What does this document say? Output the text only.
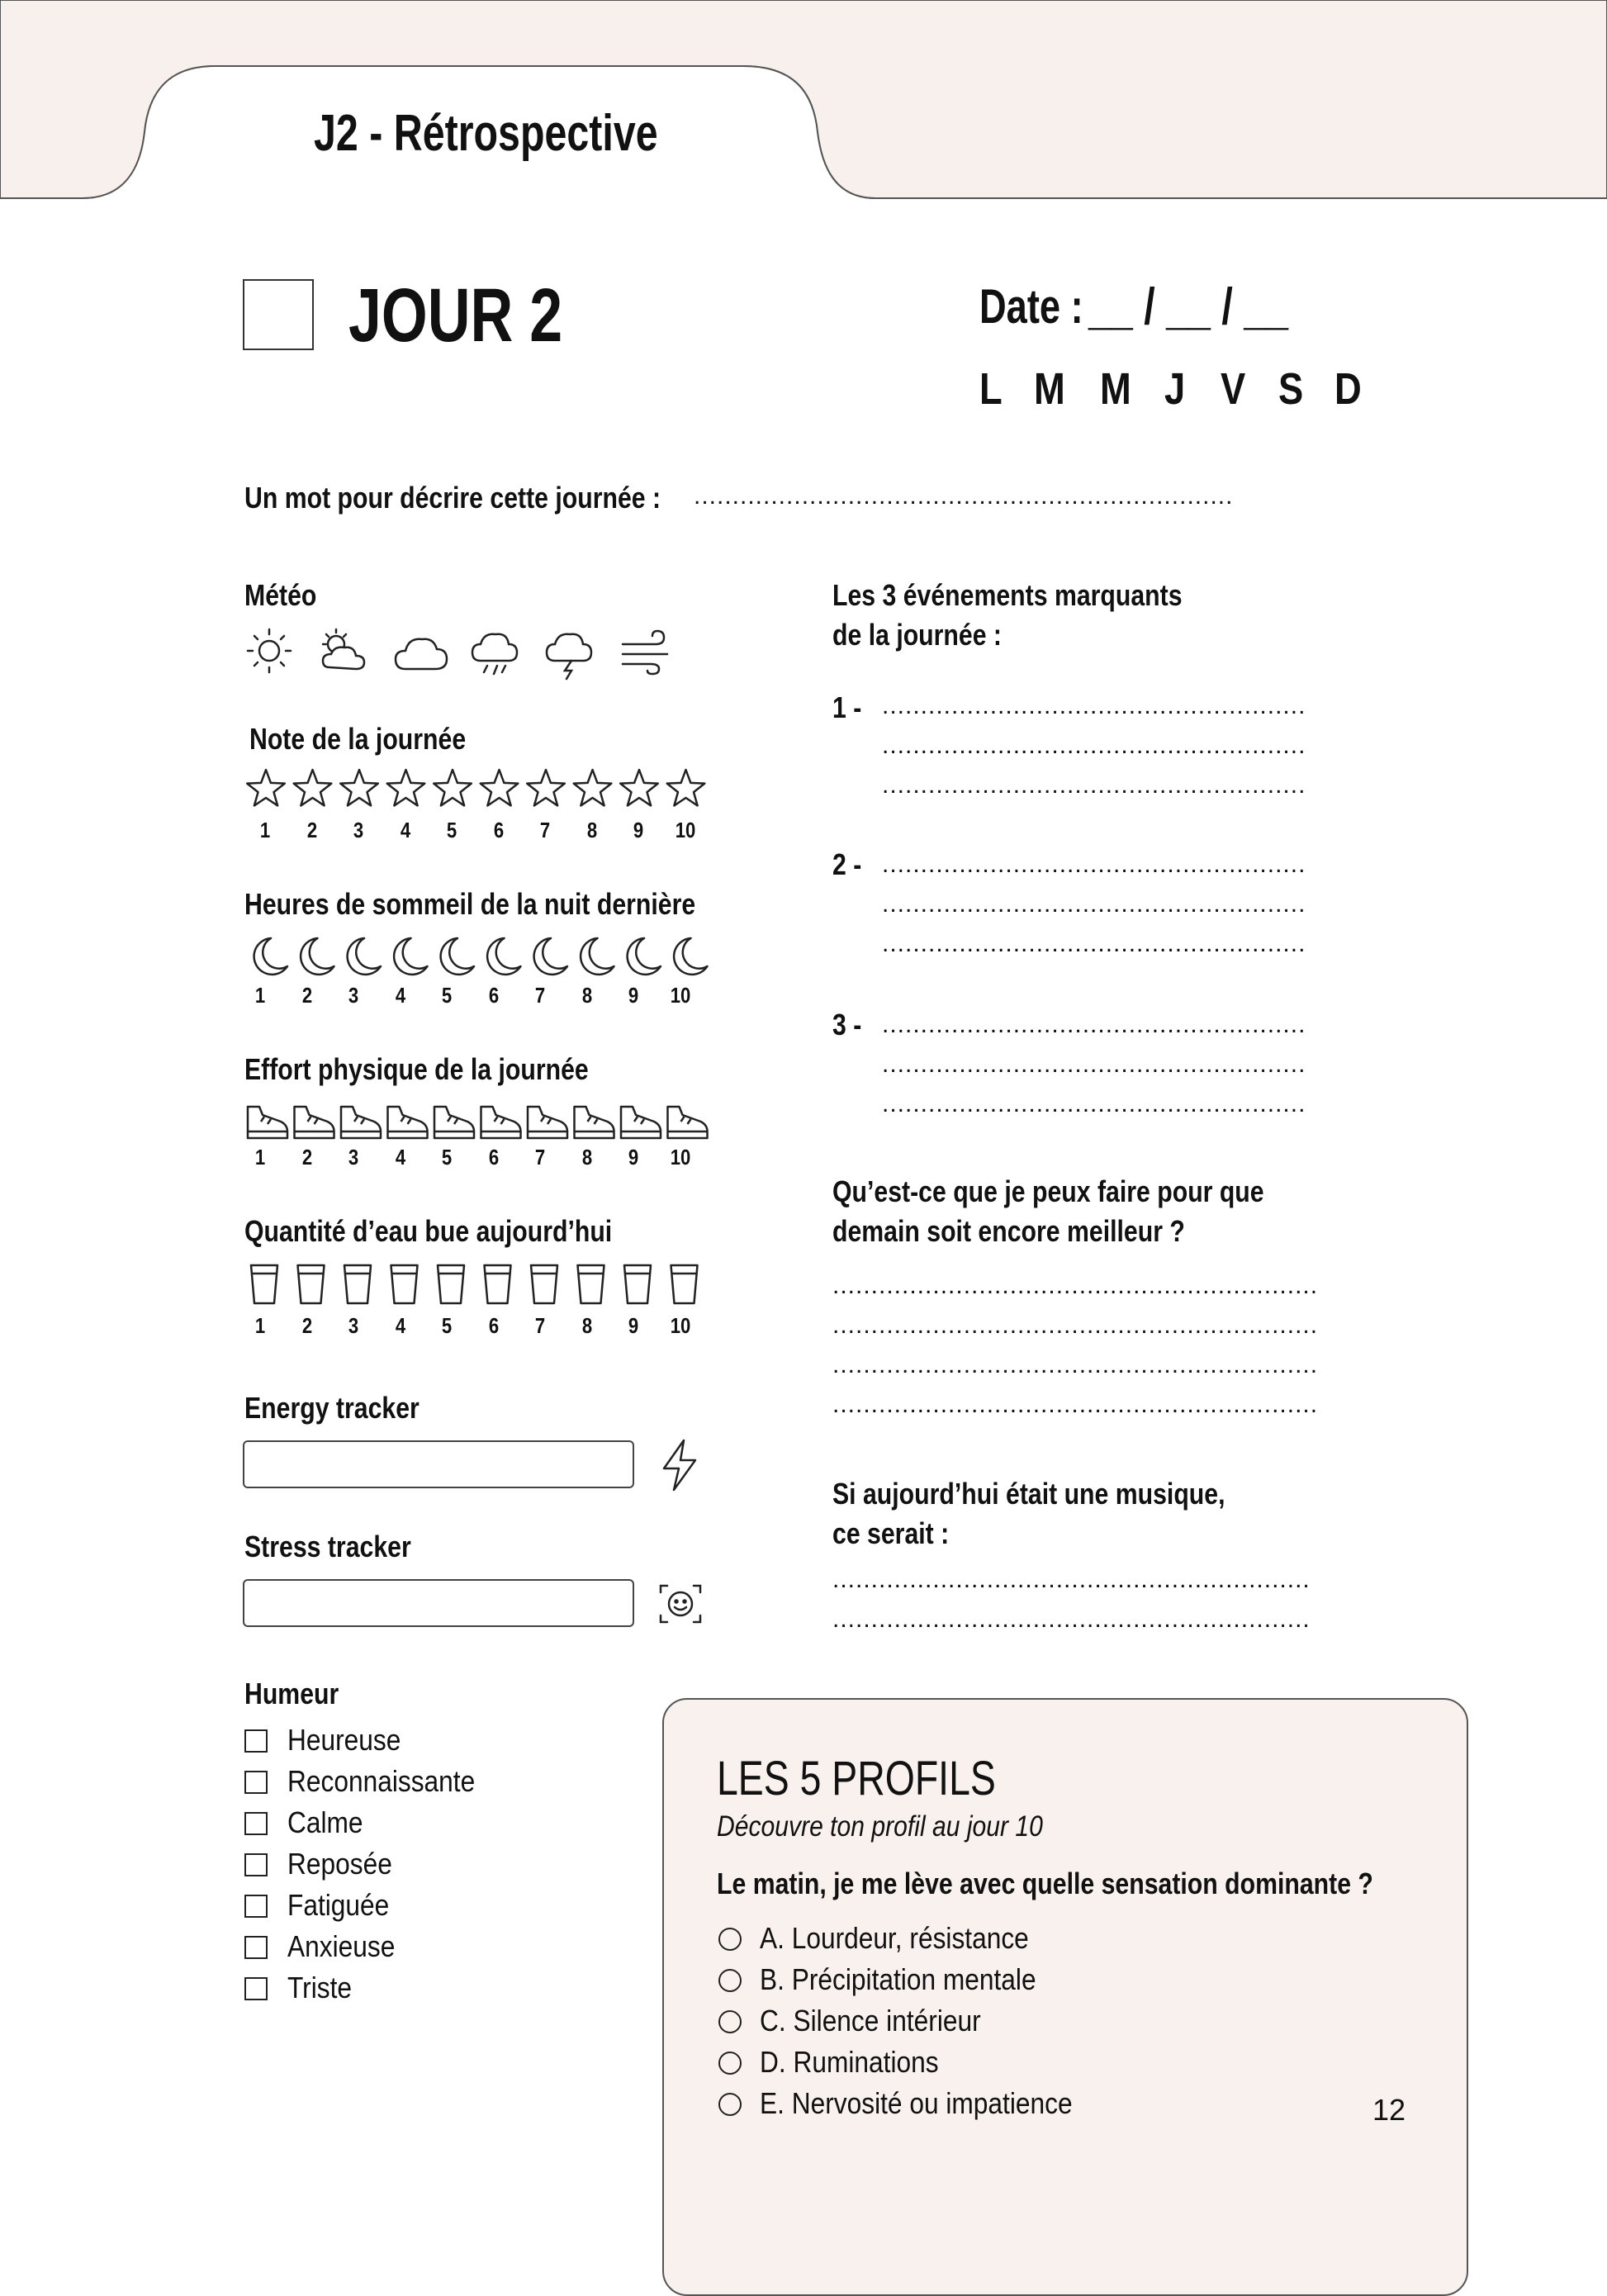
J2 - Rétrospective
JOUR 2	Date : __ / __ / __
L M M J V S D
Un mot pour décrire cette journée : ......................................................................
Météo
Note de la journée
1	2	3	4	5	6	7	8	9	10
Heures de sommeil de la nuit dernière
1	2	3	4	5	6	7	8	9	10
Effort physique de la journée
1	2	3	4	5	6	7	8	9	10
Quantité d’eau bue aujourd’hui
1	2	3	4	5	6	7	8	9	10
Energy tracker
Stress tracker
Humeur
Heureuse
Reconnaissante
Calme
Reposée
Fatiguée
Anxieuse
Triste
Les 3 événements marquants
de la journée :
1 - .......................................................
.......................................................
.......................................................
2 - .......................................................
.......................................................
.......................................................
3 - .......................................................
.......................................................
.......................................................
Qu’est-ce que je peux faire pour que
demain soit encore meilleur ?
...............................................................
...............................................................
...............................................................
...............................................................
Si aujourd’hui était une musique,
ce serait :
..............................................................
..............................................................
LES 5 PROFILS
Découvre ton profil au jour 10
Le matin, je me lève avec quelle sensation dominante ?
A. Lourdeur, résistance
B. Précipitation mentale
C. Silence intérieur
D. Ruminations
E. Nervosité ou impatience	12
